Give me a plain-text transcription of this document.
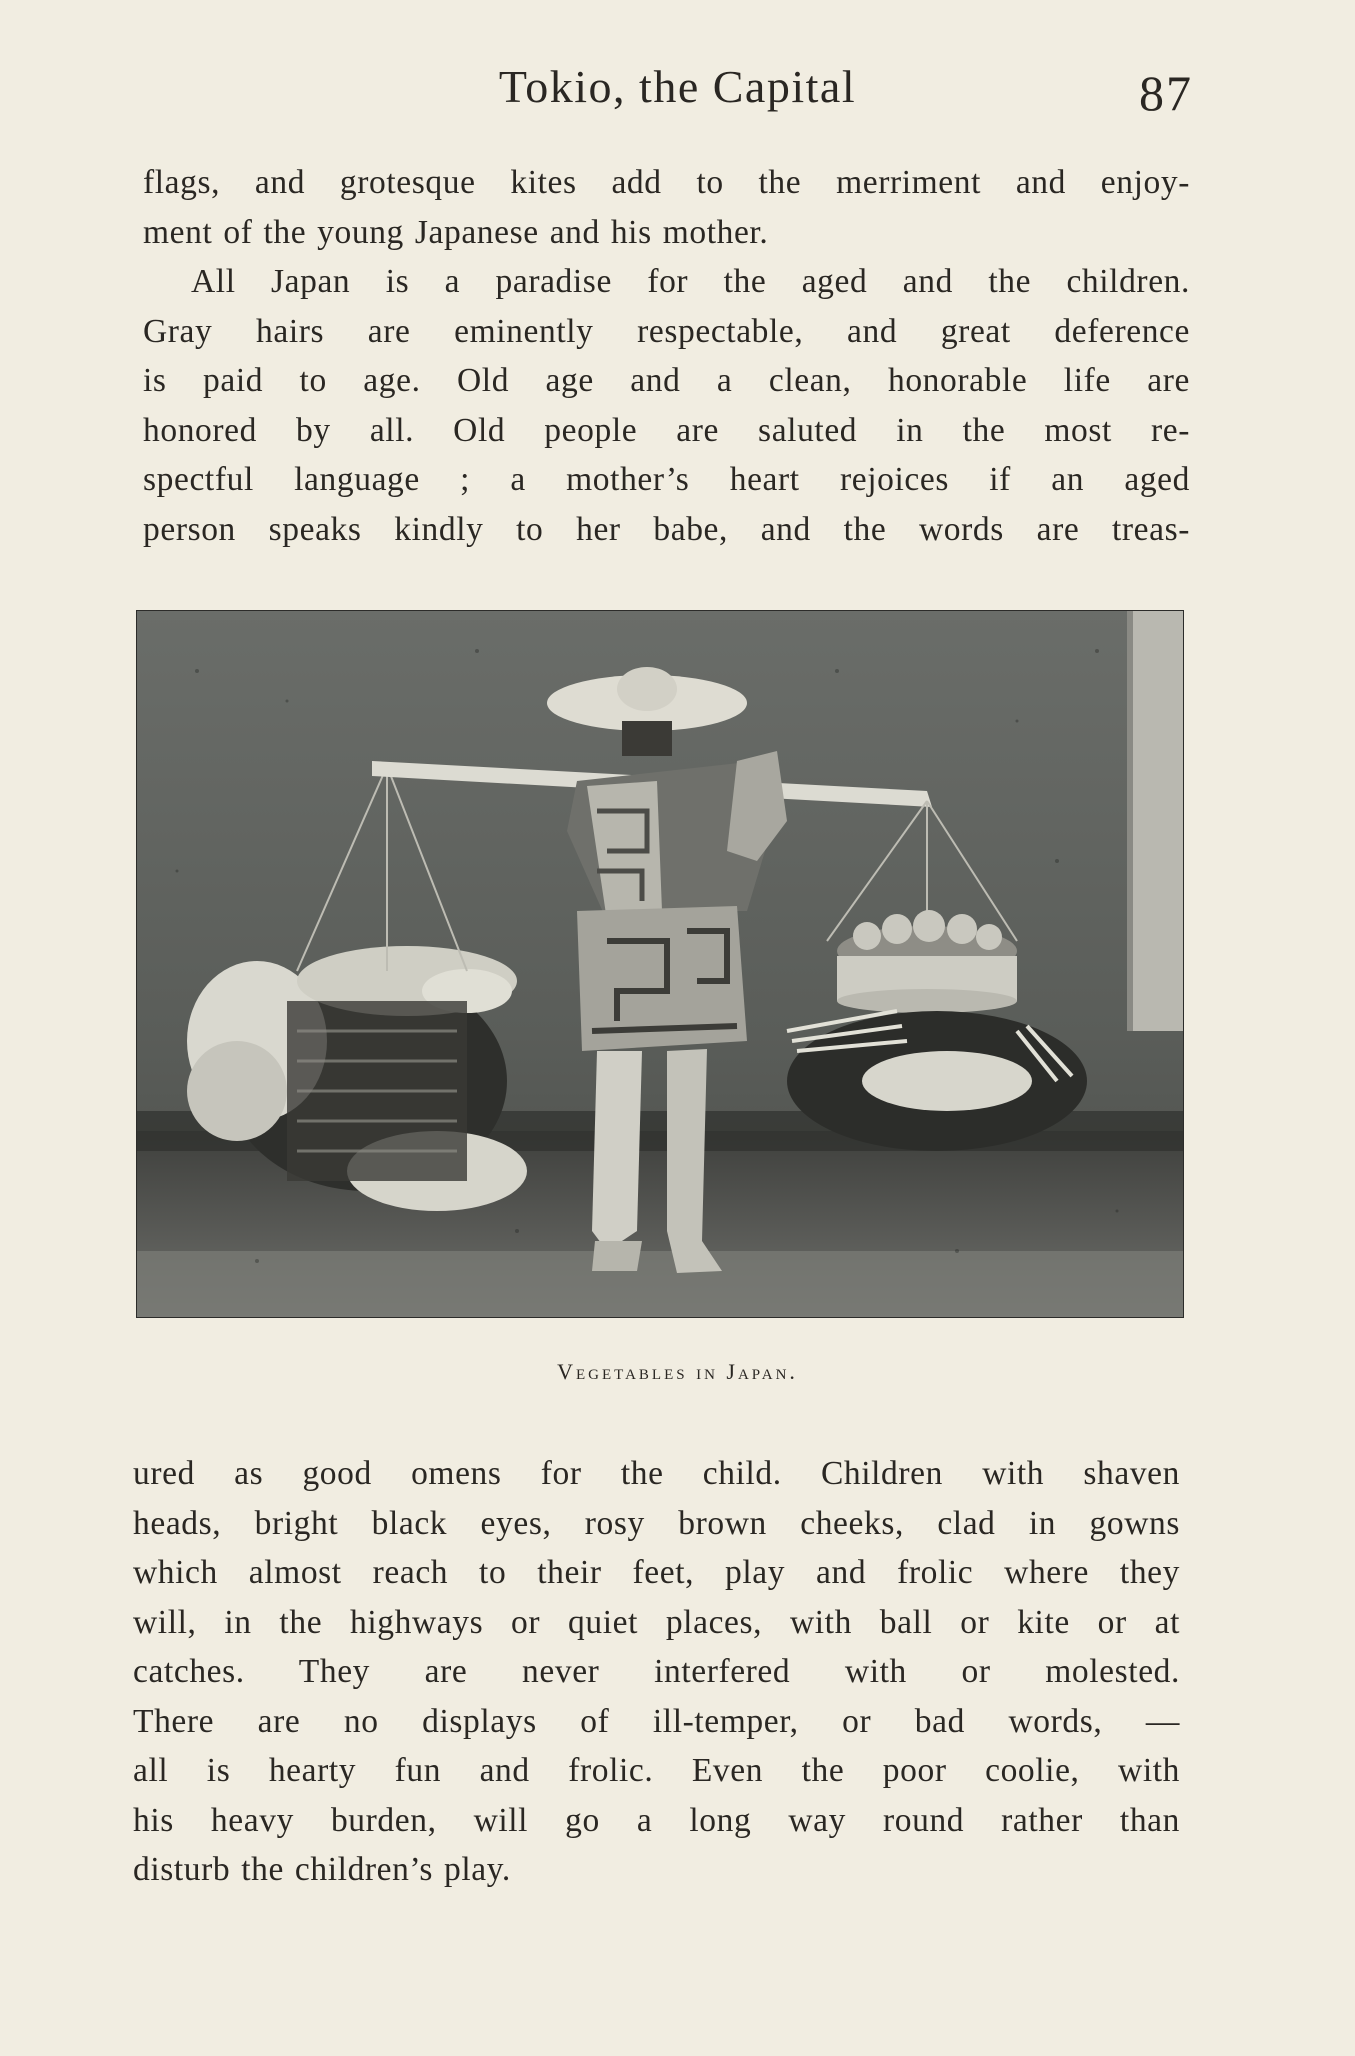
Tokio, the Capital	87
flags, and grotesque kites add to the merriment and enjoy-
ment of the young Japanese and his mother.
All Japan is a paradise for the aged and the children.
Gray hairs are eminently respectable, and great deference
is paid to age. Old age and a clean, honorable life are
honored by all. Old people are saluted in the most re-
spectful language ; a mother’s heart rejoices if an aged
person speaks kindly to her babe, and the words are treas-
Vegetables in Japan.
ured as good omens for the child. Children with shaven
heads, bright black eyes, rosy brown cheeks, clad in gowns
which almost reach to their feet, play and frolic where they
will, in the highways or quiet places, with ball or kite or at
catches. They are never interfered with or molested.
There are no displays of ill-temper, or bad words, —
all is hearty fun and frolic. Even the poor coolie, with
his heavy burden, will go a long way round rather than
disturb the children’s play.
